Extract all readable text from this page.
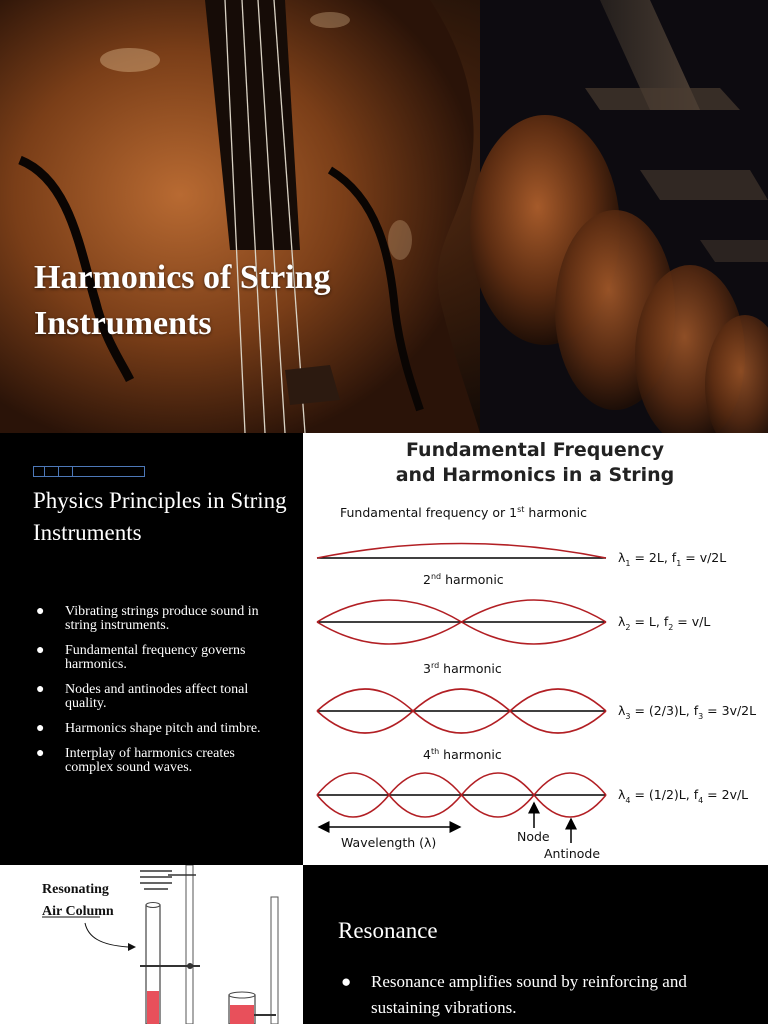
Harmonics of String Instruments
Physics Principles in String Instruments
● Vibrating strings produce sound in string instruments.
● Fundamental frequency governs harmonics.
● Nodes and antinodes affect tonal quality.
● Harmonics shape pitch and timbre.
● Interplay of harmonics creates complex sound waves.
Fundamental Frequency
and Harmonics in a String
Fundamental frequency or 1st harmonic
2nd harmonic
3rd harmonic
4th harmonic
$\lambda_1 = 2L$, $f_1 = v/2L$
$\lambda_2 = L$, $f_2 = v/L$
$\lambda_3 = (2/3)L$, $f_3 = 3v/2L$
$\lambda_4 = (1/2)L$, $f_4 = 2v/L$
Wavelength (λ)	Node
Antinode
Resonating
Air Column
Resonance
● Resonance amplifies sound by reinforcing and sustaining vibrations.
